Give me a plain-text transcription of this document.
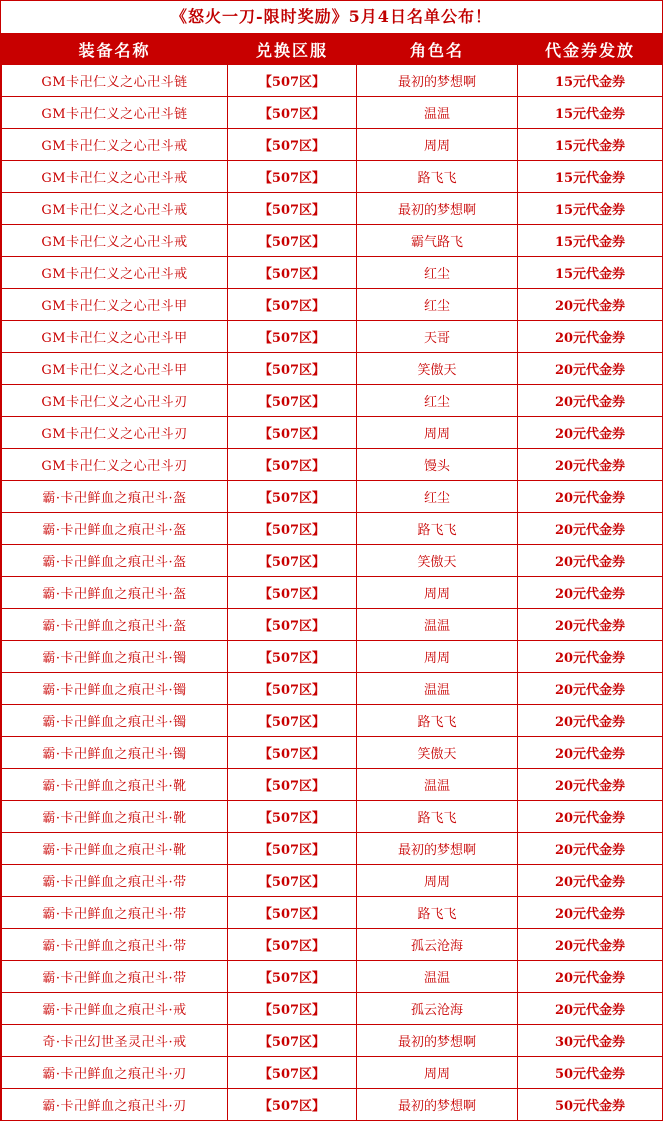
《怒火一刀-限时奖励》5月4日名单公布！
装备名称	兑换区服	角色名	代金券发放
GM卡卍仁义之心卍斗链	【507区】	最初的梦想啊	15元代金券
GM卡卍仁义之心卍斗链	【507区】	温温	15元代金券
GM卡卍仁义之心卍斗戒	【507区】	周周	15元代金券
GM卡卍仁义之心卍斗戒	【507区】	路飞飞	15元代金券
GM卡卍仁义之心卍斗戒	【507区】	最初的梦想啊	15元代金券
GM卡卍仁义之心卍斗戒	【507区】	霸气路飞	15元代金券
GM卡卍仁义之心卍斗戒	【507区】	红尘	15元代金券
GM卡卍仁义之心卍斗甲	【507区】	红尘	20元代金券
GM卡卍仁义之心卍斗甲	【507区】	天哥	20元代金券
GM卡卍仁义之心卍斗甲	【507区】	笑傲天	20元代金券
GM卡卍仁义之心卍斗刃	【507区】	红尘	20元代金券
GM卡卍仁义之心卍斗刃	【507区】	周周	20元代金券
GM卡卍仁义之心卍斗刃	【507区】	馒头	20元代金券
霸·卡卍鲜血之痕卍斗·盔	【507区】	红尘	20元代金券
霸·卡卍鲜血之痕卍斗·盔	【507区】	路飞飞	20元代金券
霸·卡卍鲜血之痕卍斗·盔	【507区】	笑傲天	20元代金券
霸·卡卍鲜血之痕卍斗·盔	【507区】	周周	20元代金券
霸·卡卍鲜血之痕卍斗·盔	【507区】	温温	20元代金券
霸·卡卍鲜血之痕卍斗·镯	【507区】	周周	20元代金券
霸·卡卍鲜血之痕卍斗·镯	【507区】	温温	20元代金券
霸·卡卍鲜血之痕卍斗·镯	【507区】	路飞飞	20元代金券
霸·卡卍鲜血之痕卍斗·镯	【507区】	笑傲天	20元代金券
霸·卡卍鲜血之痕卍斗·靴	【507区】	温温	20元代金券
霸·卡卍鲜血之痕卍斗·靴	【507区】	路飞飞	20元代金券
霸·卡卍鲜血之痕卍斗·靴	【507区】	最初的梦想啊	20元代金券
霸·卡卍鲜血之痕卍斗·带	【507区】	周周	20元代金券
霸·卡卍鲜血之痕卍斗·带	【507区】	路飞飞	20元代金券
霸·卡卍鲜血之痕卍斗·带	【507区】	孤云沧海	20元代金券
霸·卡卍鲜血之痕卍斗·带	【507区】	温温	20元代金券
霸·卡卍鲜血之痕卍斗·戒	【507区】	孤云沧海	20元代金券
奇·卡卍幻世圣灵卍斗·戒	【507区】	最初的梦想啊	30元代金券
霸·卡卍鲜血之痕卍斗·刃	【507区】	周周	50元代金券
霸·卡卍鲜血之痕卍斗·刃	【507区】	最初的梦想啊	50元代金券
